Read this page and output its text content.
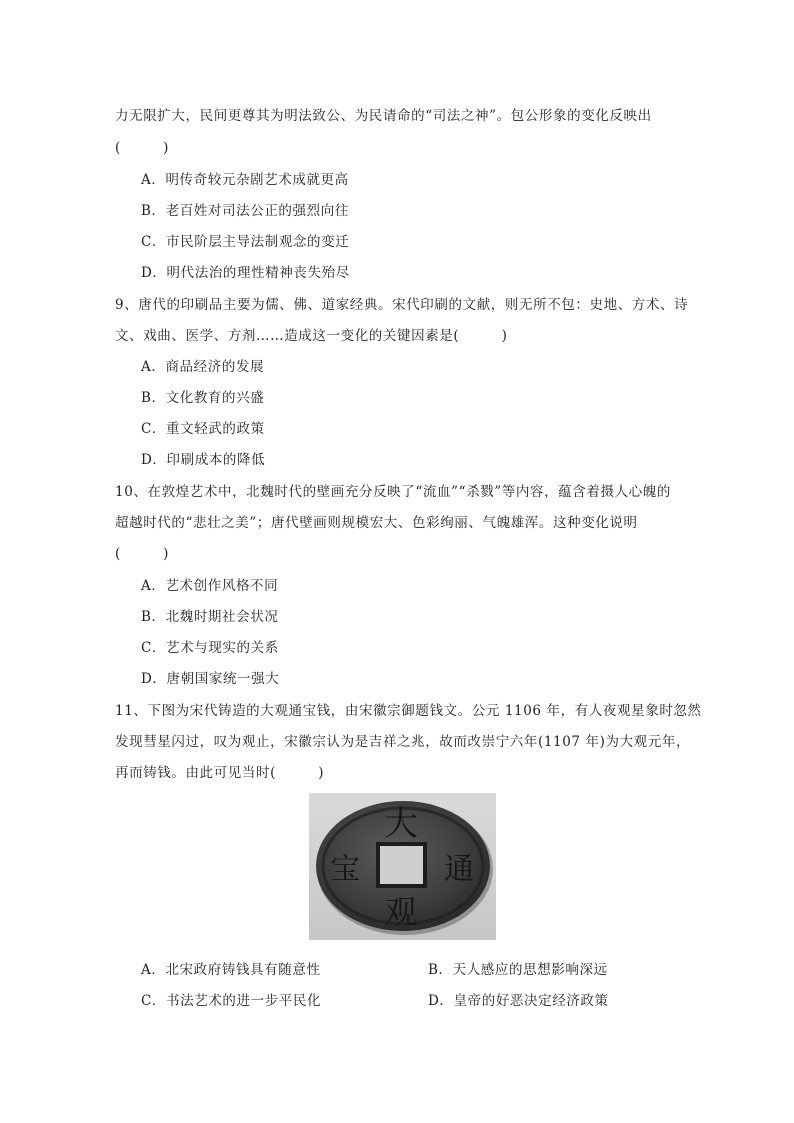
力无限扩大，民间更尊其为明法致公、为民请命的“司法之神”。包公形象的变化反映出
(　　　)
A．明传奇较元杂剧艺术成就更高
B．老百姓对司法公正的强烈向往
C．市民阶层主导法制观念的变迁
D．明代法治的理性精神丧失殆尽
9、唐代的印刷品主要为儒、佛、道家经典。宋代印刷的文献，则无所不包：史地、方术、诗
文、戏曲、医学、方剂……造成这一变化的关键因素是(　　　)
A．商品经济的发展
B．文化教育的兴盛
C．重文轻武的政策
D．印刷成本的降低
10、在敦煌艺术中，北魏时代的壁画充分反映了“流血”“杀戮”等内容，蕴含着摄人心魄的
超越时代的“悲壮之美”；唐代壁画则规模宏大、色彩绚丽、气魄雄浑。这种变化说明
(　　　)
A．艺术创作风格不同
B．北魏时期社会状况
C．艺术与现实的关系
D．唐朝国家统一强大
11、下图为宋代铸造的大观通宝钱，由宋徽宗御题钱文。公元 1106 年，有人夜观星象时忽然
发现彗星闪过，叹为观止，宋徽宗认为是吉祥之兆，故而改崇宁六年(1107 年)为大观元年，
再而铸钱。由此可见当时(　　　)
大
通
观
宝
A．北宋政府铸钱具有随意性	B．天人感应的思想影响深远
C．书法艺术的进一步平民化	D．皇帝的好恶决定经济政策
